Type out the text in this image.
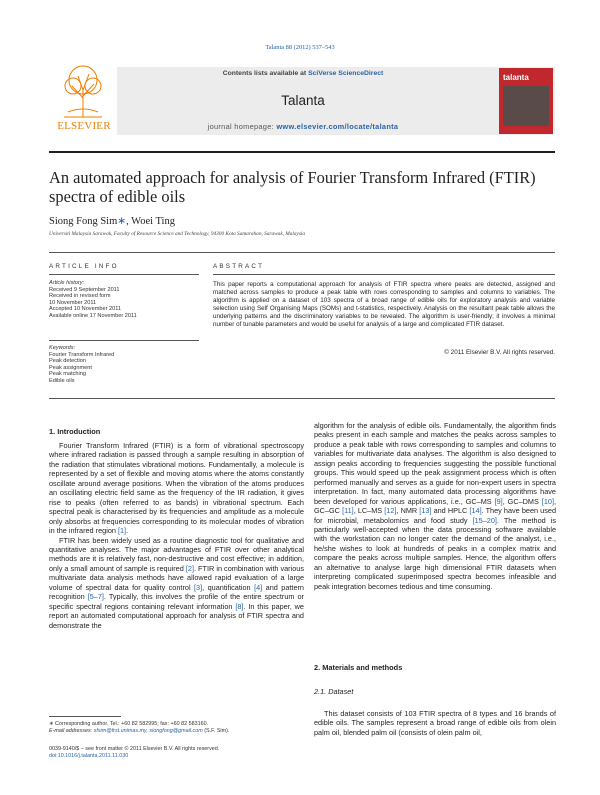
Talanta 88 (2012) 537–543
ELSEVIER
Contents lists available at SciVerse ScienceDirect
Talanta
journal homepage: www.elsevier.com/locate/talanta
talanta
An automated approach for analysis of Fourier Transform Infrared (FTIR) spectra of edible oils
Siong Fong Sim∗, Woei Ting
Universiti Malaysia Sarawak, Faculty of Resource Science and Technology, 94300 Kota Samarahan, Sarawak, Malaysia
ARTICLE INFO
Article history:
Received 9 September 2011
Received in revised form
10 November 2011
Accepted 10 November 2011
Available online 17 November 2011
Keywords:
Fourier Transform Infrared
Peak detection
Peak assignment
Peak matching
Edible oils
ABSTRACT
This paper reports a computational approach for analysis of FTIR spectra where peaks are detected, assigned and matched across samples to produce a peak table with rows corresponding to samples and columns to variables. The algorithm is applied on a dataset of 103 spectra of a broad range of edible oils for exploratory analysis and variable selection using Self Organising Maps (SOMs) and t-statistics, respectively. Analysis on the resultant peak table allows the underlying patterns and the discriminatory variables to be revealed. The algorithm is user-friendly; it involves a minimal number of tunable parameters and would be useful for analysis of a large and complicated FTIR dataset.
© 2011 Elsevier B.V. All rights reserved.
1. Introduction

Fourier Transform Infrared (FTIR) is a form of vibrational spectroscopy where infrared radiation is passed through a sample resulting in absorption of the radiation that stimulates vibrational motions. Fundamentally, a molecule is represented by a set of flexible and moving atoms where the atoms constantly oscillate around average positions. When the vibration of the atoms produces an oscillating electric field same as the frequency of the IR radiation, it gives rise to peaks (often referred to as bands) in vibrational spectrum. Each spectral peak is characterised by its frequencies and amplitude as a molecule only absorbs at frequencies corresponding to its molecular modes of vibration in the infrared region [1].

FTIR has been widely used as a routine diagnostic tool for qualitative and quantitative analyses. The major advantages of FTIR over other analytical methods are it is relatively fast, non-destructive and cost effective; in addition, only a small amount of sample is required [2]. FTIR in combination with various multivariate data analysis methods have allowed rapid evaluation of a large volume of spectral data for quality control [3], quantification [4] and pattern recognition [5–7]. Typically, this involves the profile of the entire spectrum or specific spectral regions containing relevant information [8]. In this paper, we report an automated computational approach for analysis of FTIR spectra and demonstrate the

∗ Corresponding author. Tel.: +60 82 582995; fax: +60 82 583160.
E-mail addresses: sfsim@frst.unimas.my, siongfong@gmail.com (S.F. Sim).
0039-9140/$ – see front matter © 2011 Elsevier B.V. All rights reserved.
doi:10.1016/j.talanta.2011.11.030

algorithm for the analysis of edible oils. Fundamentally, the algorithm finds peaks present in each sample and matches the peaks across samples to produce a peak table with rows corresponding to samples and columns to variables for multivariate data analyses. The algorithm is also designed to assign peaks according to frequencies suggesting the possible functional groups. This would speed up the peak assignment process which is often performed manually and serves as a guide for non-expert users in spectra interpretation. In fact, many automated data processing algorithms have been developed for various applications, i.e., GC–MS [9], GC–DMS [10], GC–GC [11], LC–MS [12], NMR [13] and HPLC [14]. They have been used for microbial, metabolomics and food study [15–20]. The method is particularly well-accepted when the data processing software available with the workstation can no longer cater the demand of the analyst, i.e., he/she wishes to look at hundreds of peaks in a complex matrix and compare the peaks across multiple samples. Hence, the algorithm offers an alternative to analyse large high dimensional FTIR datasets when interpreting complicated superimposed spectra becomes infeasible and peak integration becomes tedious and time consuming.

2. Materials and methods
2.1. Dataset

This dataset consists of 103 FTIR spectra of 8 types and 16 brands of edible oils. The samples represent a broad range of edible oils from olein palm oil, blended palm oil (consists of olein palm oil,
